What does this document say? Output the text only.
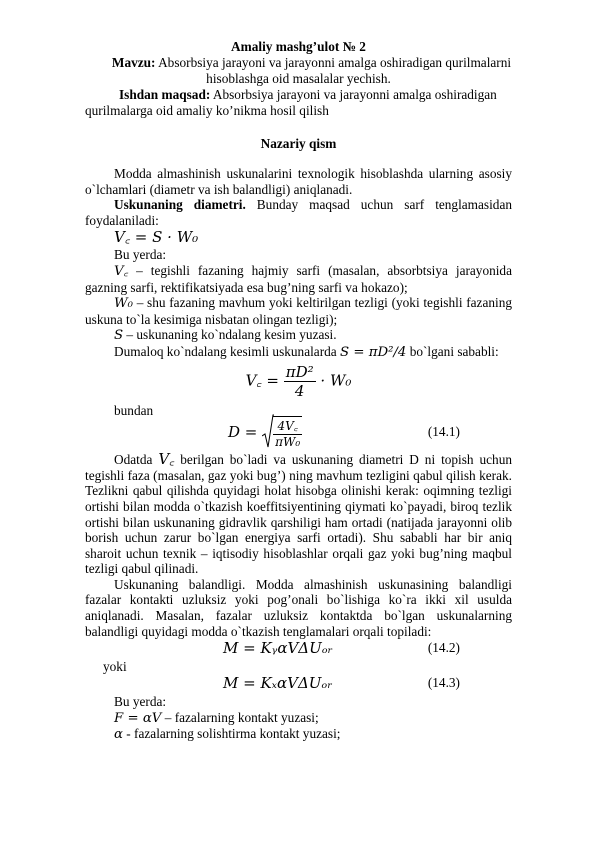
Amaliy mashg’ulot № 2

Mavzu: Absorbsiya jarayoni va jarayonni amalga oshiradigan qurilmalarni hisoblashga oid masalalar yechish.

Ishdan maqsad: Absorbsiya jarayoni va jarayonni amalga oshiradigan qurilmalarga oid amaliy ko’nikma hosil qilish

Nazariy qism

Modda almashinish uskunalarini texnologik hisoblashda ularning asosiy o`lchamlari (diametr va ish balandligi) aniqlanadi.

Uskunaning diametri. Bunday maqsad uchun sarf tenglamasidan foydalaniladi:

V꜀ = S · W₀

Bu yerda:

V꜀ – tegishli fazaning hajmiy sarfi (masalan, absorbtsiya jarayonida gazning sarfi, rektifikatsiyada esa bug’ning sarfi va hokazo);

W₀ – shu fazaning mavhum yoki keltirilgan tezligi (yoki tegishli fazaning uskuna to`la kesimiga nisbatan olingan tezligi);

S – uskunaning ko`ndalang kesim yuzasi.

Dumaloq ko`ndalang kesimli uskunalarda S = πD²/4 bo`lgani sababli:

V꜀ = $\frac{\text{πD²}}{4} \cdot W_0$

bundan

$D = \frac{4V꜀}{\text{πW₀}}$	(14.1)

Odatda V꜀ berilgan bo`ladi va uskunaning diametri D ni topish uchun tegishli faza (masalan, gaz yoki bug’) ning mavhum tezligini qabul qilish kerak. Tezlikni qabul qilishda quyidagi holat hisobga olinishi kerak: oqimning tezligi ortishi bilan modda o`tkazish koeffitsiyentining qiymati ko`payadi, biroq tezlik ortishi bilan uskunaning gidravlik qarshiligi ham ortadi (natijada jarayonni olib borish uchun zarur bo`lgan energiya sarfi ortadi). Shu sababli har bir aniq sharoit uchun texnik – iqtisodiy hisoblashlar orqali gaz yoki bug’ning maqbul tezligi qabul qilinadi.

Uskunaning balandligi. Modda almashinish uskunasining balandligi fazalar kontakti uzluksiz yoki pog’onali bo`lishiga ko`ra ikki xil usulda aniqlanadi. Masalan, fazalar uzluksiz kontaktda bo`lgan uskunalarning balandligi quyidagi modda o`tkazish tenglamalari orqali topiladi:

M = KᵧαVΔUₒᵣ	(14.2)
yoki
M = KₓαVΔUₒᵣ	(14.3)

Bu yerda:

F = αV – fazalarning kontakt yuzasi;

α - fazalarning solishtirma kontakt yuzasi;
